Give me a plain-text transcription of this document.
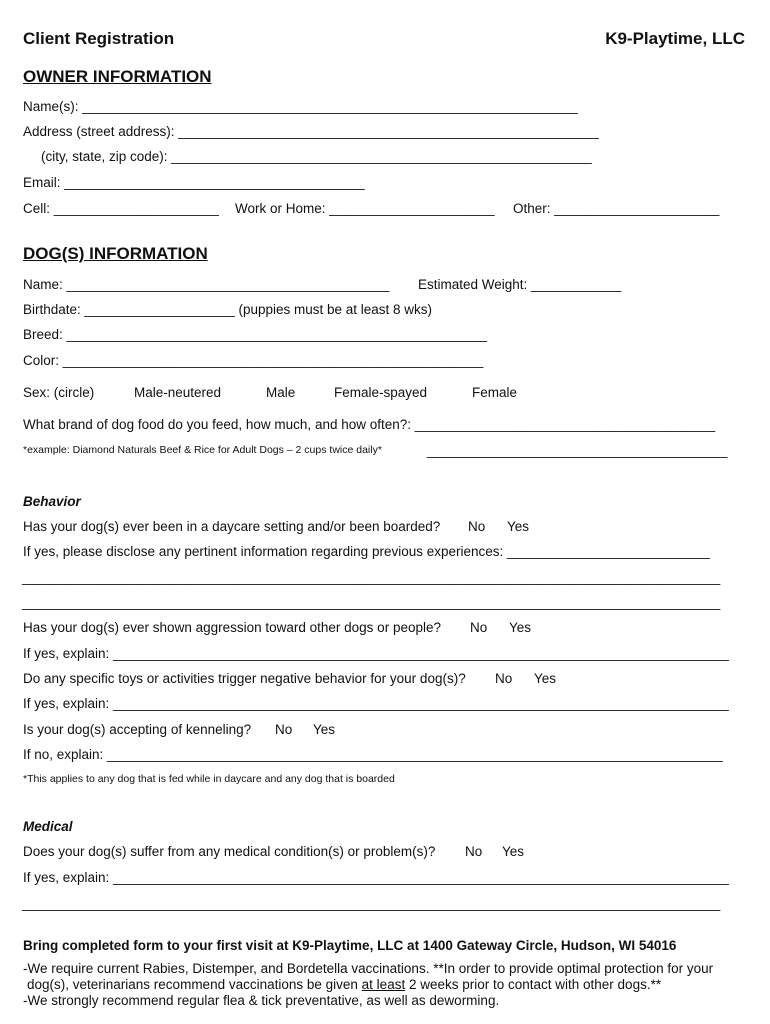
Client Registration	K9-Playtime, LLC
OWNER INFORMATION
Name(s): __________________________________________________________________
Address (street address): ________________________________________________________
(city, state, zip code): ________________________________________________________
Email: ________________________________________
Cell: ______________________ Work or Home: ______________________ Other: ______________________
DOG(S) INFORMATION
Name: ___________________________________________ Estimated Weight: ____________
Birthdate: ____________________ (puppies must be at least 8 wks)
Breed: ________________________________________________________
Color: ________________________________________________________
Sex: (circle)	Male-neutered	Male	Female-spayed	Female
What brand of dog food do you feed, how much, and how often?: ________________________________________
*example: Diamond Naturals Beef & Rice for Adult Dogs – 2 cups twice daily*	________________________________________
Behavior
Has your dog(s) ever been in a daycare setting and/or been boarded? No Yes
If yes, please disclose any pertinent information regarding previous experiences: ___________________________
_____________________________________________________________________________________________
_____________________________________________________________________________________________
Has your dog(s) ever shown aggression toward other dogs or people? No Yes
If yes, explain: __________________________________________________________________________________
Do any specific toys or activities trigger negative behavior for your dog(s)? No Yes
If yes, explain: __________________________________________________________________________________
Is your dog(s) accepting of kenneling? No Yes
If no, explain: __________________________________________________________________________________
*This applies to any dog that is fed while in daycare and any dog that is boarded
Medical
Does your dog(s) suffer from any medical condition(s) or problem(s)? No Yes
If yes, explain: __________________________________________________________________________________
_____________________________________________________________________________________________
Bring completed form to your first visit at K9-Playtime, LLC at 1400 Gateway Circle, Hudson, WI 54016
-We require current Rabies, Distemper, and Bordetella vaccinations. **In order to provide optimal protection for your
dog(s), veterinarians recommend vaccinations be given at least 2 weeks prior to contact with other dogs.**
-We strongly recommend regular flea & tick preventative, as well as deworming.
